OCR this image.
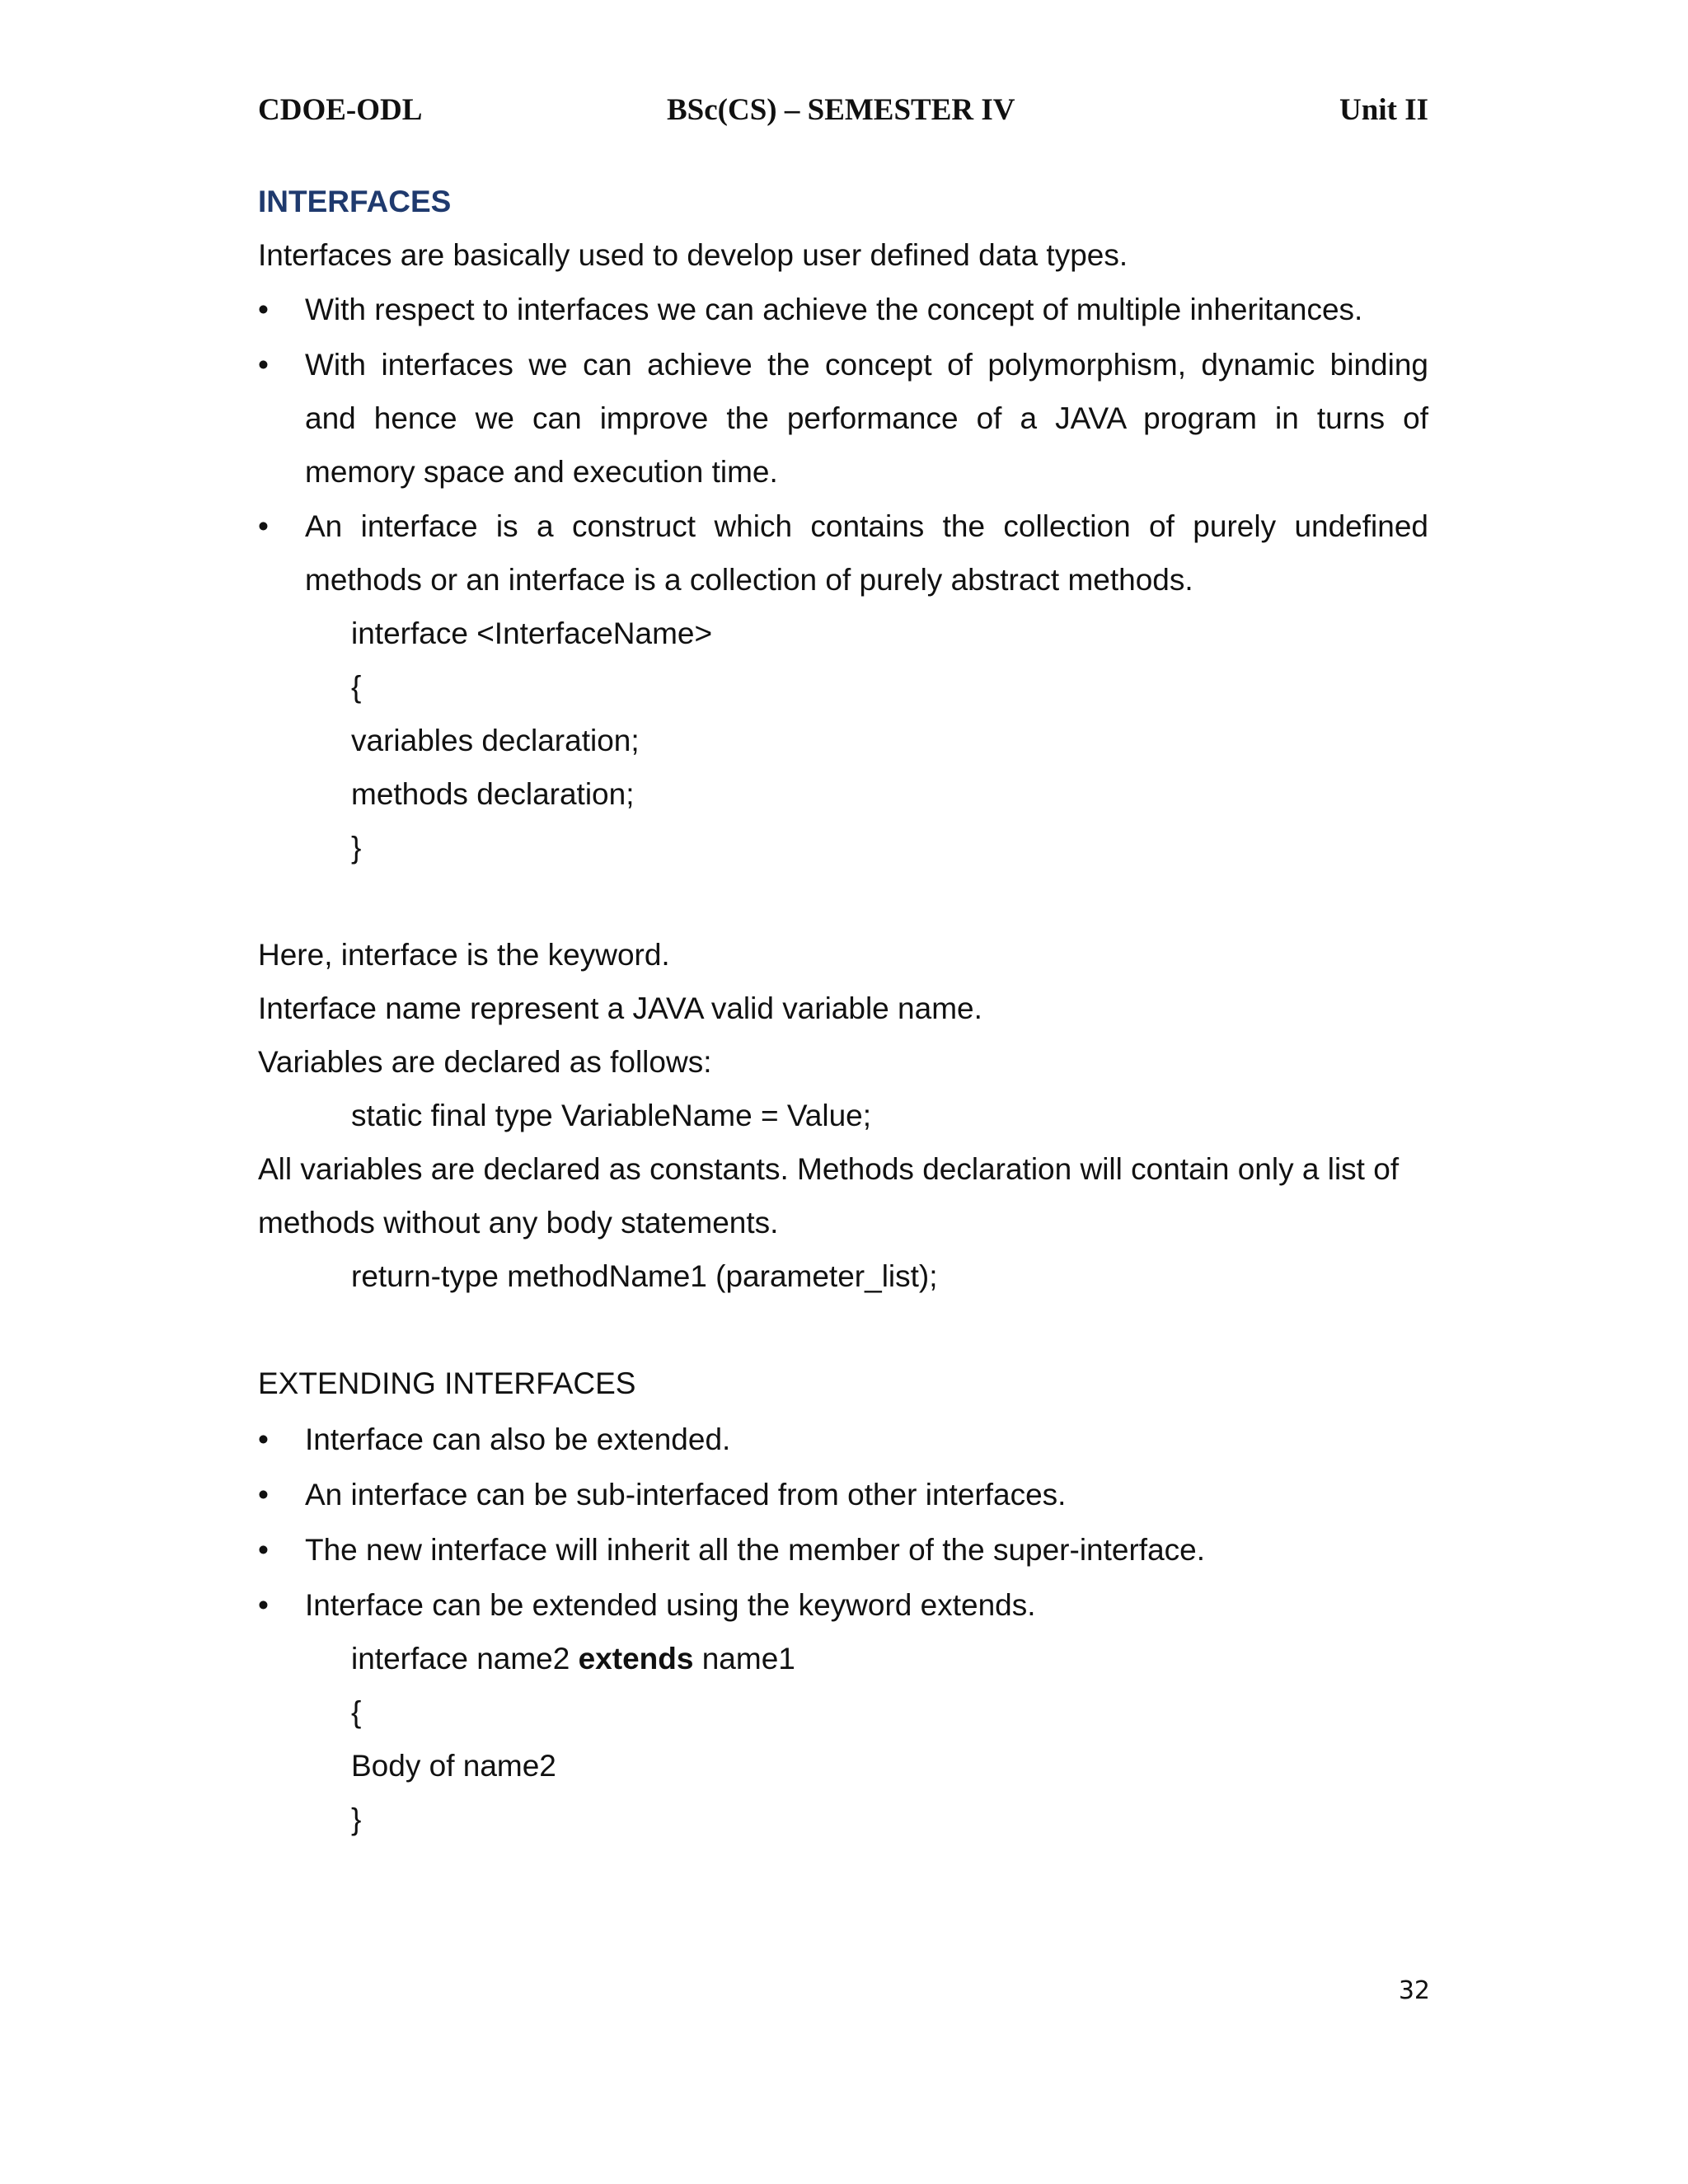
CDOE-ODL	BSc(CS) – SEMESTER IV	Unit II
INTERFACES
Interfaces are basically used to develop user defined data types.
•	With respect to interfaces we can achieve the concept of multiple inheritances.
•	With interfaces we can achieve the concept of polymorphism, dynamic binding
and hence we can improve the performance of a JAVA program in turns of
memory space and execution time.
•	An interface is a construct which contains the collection of purely undefined
methods or an interface is a collection of purely abstract methods.
interface <InterfaceName>
{
variables declaration;
methods declaration;
}
Here, interface is the keyword.
Interface name represent a JAVA valid variable name.
Variables are declared as follows:
static final type VariableName = Value;
All variables are declared as constants. Methods declaration will contain only a list of
methods without any body statements.
return-type methodName1 (parameter_list);
EXTENDING INTERFACES
•	Interface can also be extended.
•	An interface can be sub-interfaced from other interfaces.
•	The new interface will inherit all the member of the super-interface.
•	Interface can be extended using the keyword extends.
interface name2 extends name1
{
Body of name2
}
32
